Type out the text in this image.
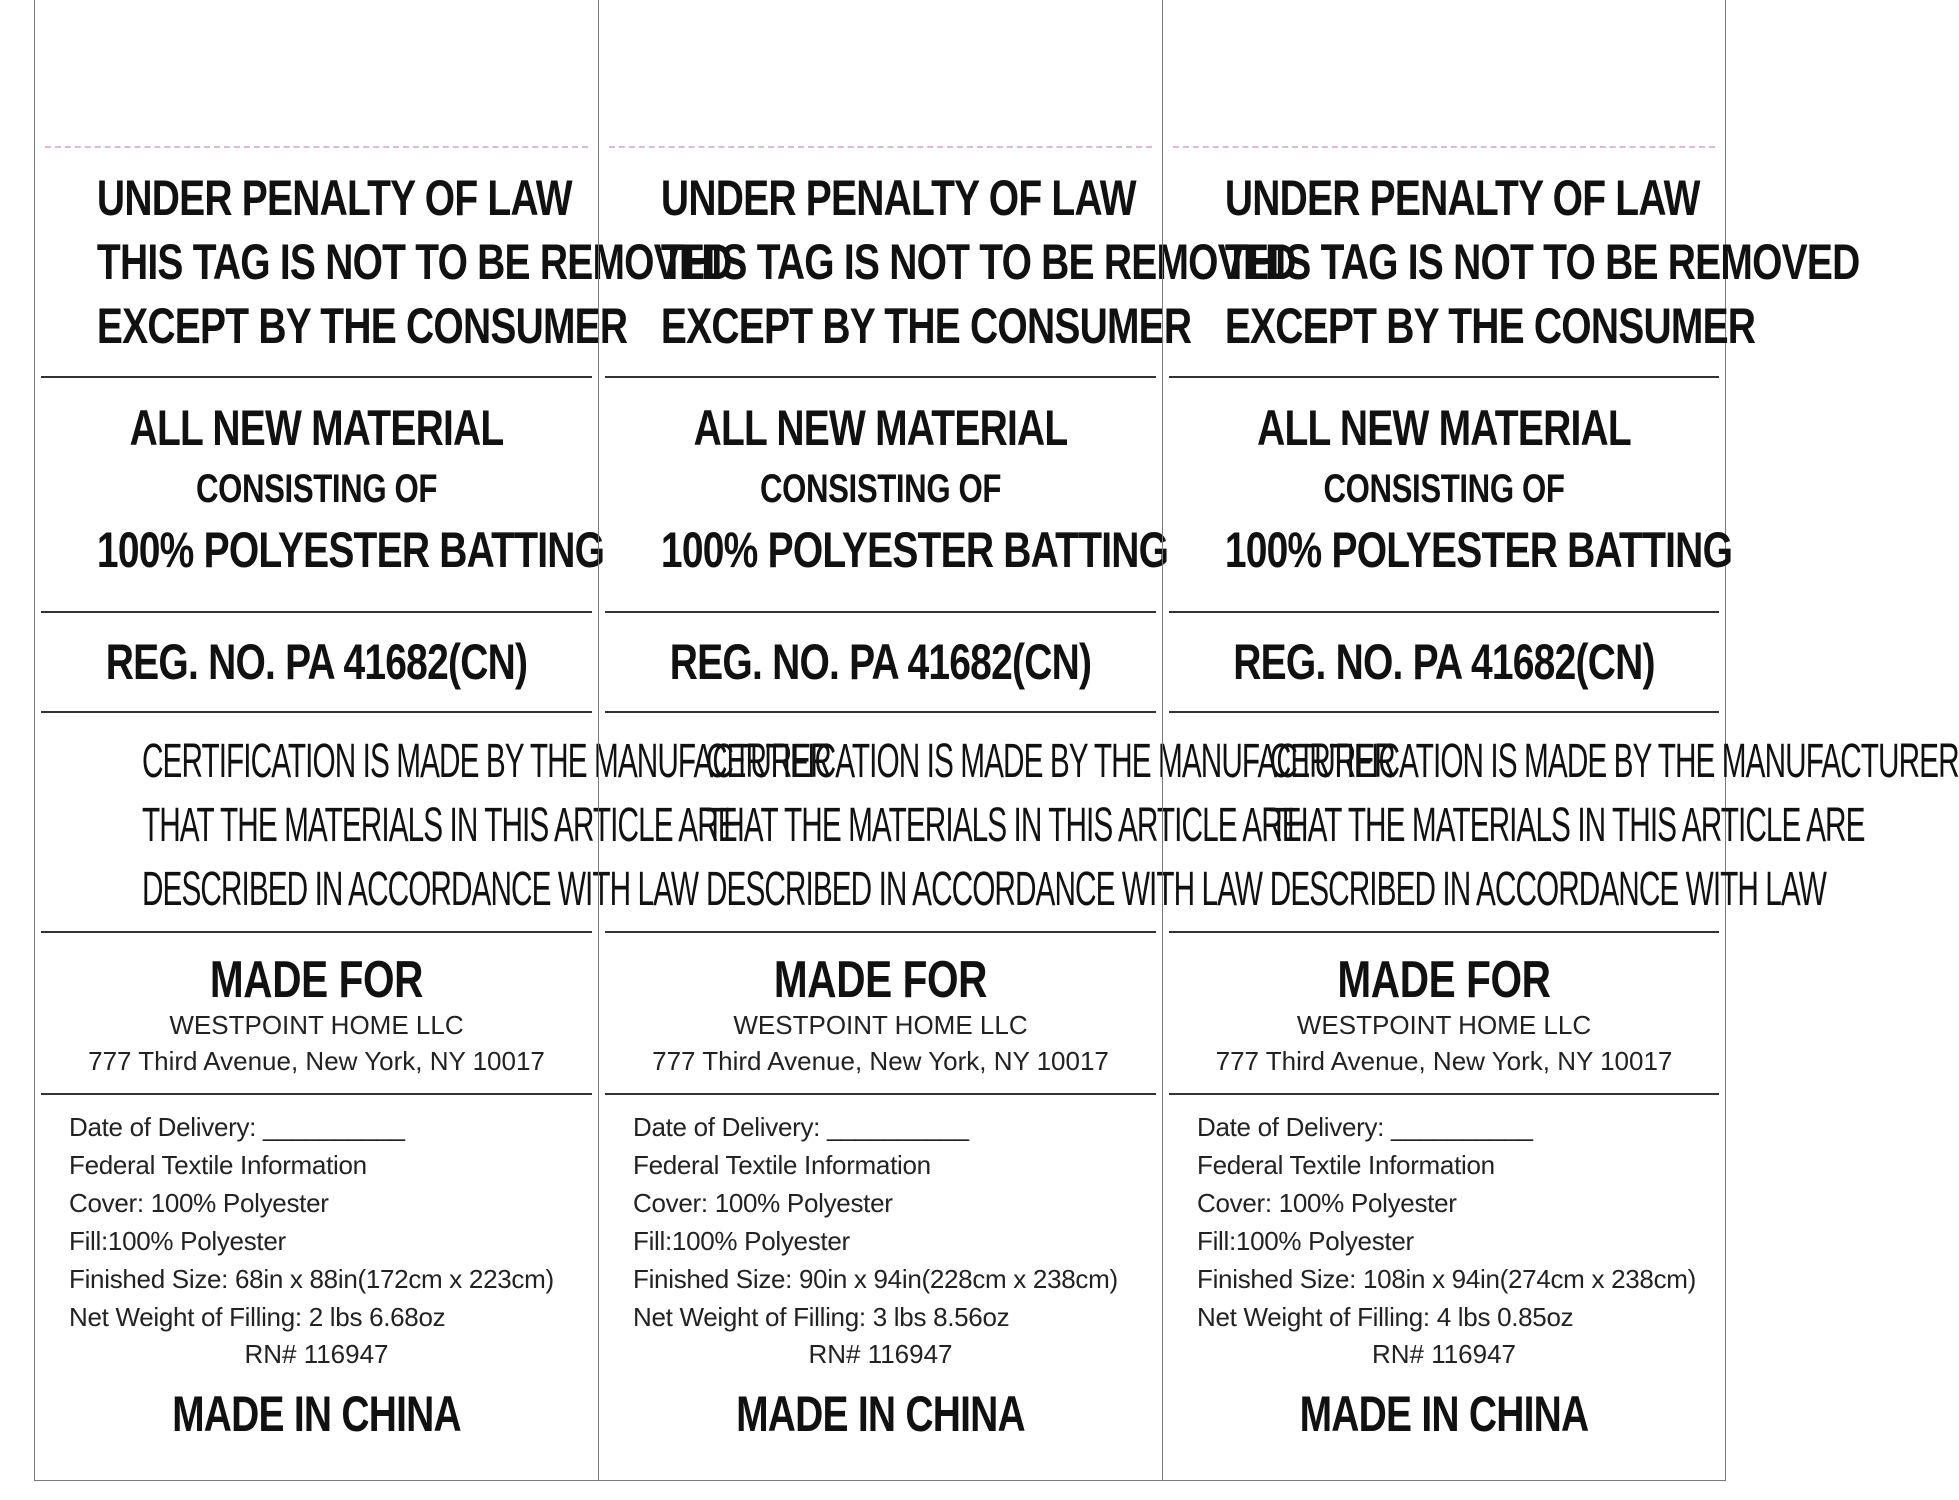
UNDER PENALTY OF LAW
THIS TAG IS NOT TO BE REMOVED
EXCEPT BY THE CONSUMER
ALL NEW MATERIAL
CONSISTING OF
100% POLYESTER BATTING
REG. NO. PA 41682(CN)
CERTIFICATION IS MADE BY THE MANUFACTURER
THAT THE MATERIALS IN THIS ARTICLE ARE
DESCRIBED IN ACCORDANCE WITH LAW
MADE FOR
WESTPOINT HOME LLC
777 Third Avenue, New York, NY 10017
Date of Delivery: __________
Federal Textile Information
Cover: 100% Polyester
Fill:100% Polyester
Finished Size: 68in x 88in(172cm x 223cm)
Net Weight of Filling: 2 lbs 6.68oz
RN# 116947
MADE IN CHINA
UNDER PENALTY OF LAW
THIS TAG IS NOT TO BE REMOVED
EXCEPT BY THE CONSUMER
ALL NEW MATERIAL
CONSISTING OF
100% POLYESTER BATTING
REG. NO. PA 41682(CN)
CERTIFICATION IS MADE BY THE MANUFACTURER
THAT THE MATERIALS IN THIS ARTICLE ARE
DESCRIBED IN ACCORDANCE WITH LAW
MADE FOR
WESTPOINT HOME LLC
777 Third Avenue, New York, NY 10017
Date of Delivery: __________
Federal Textile Information
Cover: 100% Polyester
Fill:100% Polyester
Finished Size: 90in x 94in(228cm x 238cm)
Net Weight of Filling: 3 lbs 8.56oz
RN# 116947
MADE IN CHINA
UNDER PENALTY OF LAW
THIS TAG IS NOT TO BE REMOVED
EXCEPT BY THE CONSUMER
ALL NEW MATERIAL
CONSISTING OF
100% POLYESTER BATTING
REG. NO. PA 41682(CN)
CERTIFICATION IS MADE BY THE MANUFACTURER
THAT THE MATERIALS IN THIS ARTICLE ARE
DESCRIBED IN ACCORDANCE WITH LAW
MADE FOR
WESTPOINT HOME LLC
777 Third Avenue, New York, NY 10017
Date of Delivery: __________
Federal Textile Information
Cover: 100% Polyester
Fill:100% Polyester
Finished Size: 108in x 94in(274cm x 238cm)
Net Weight of Filling: 4 lbs 0.85oz
RN# 116947
MADE IN CHINA
